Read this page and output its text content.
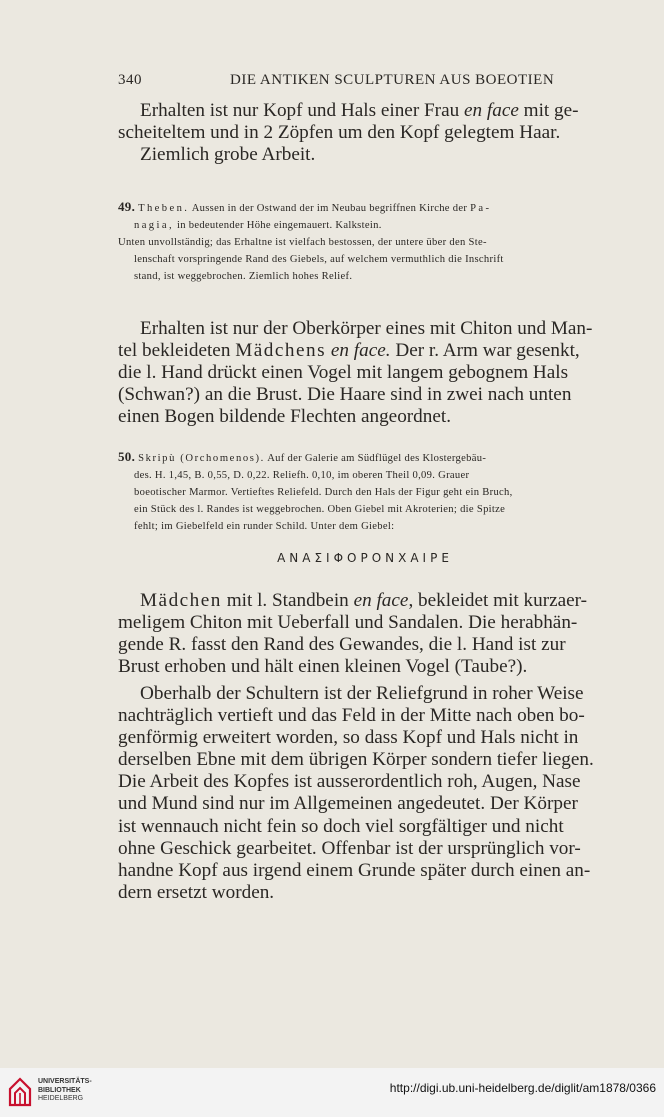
340	DIE ANTIKEN SCULPTUREN AUS BOEOTIEN
Erhalten ist nur Kopf und Hals einer Frau en face mit ge-
scheiteltem und in 2 Zöpfen um den Kopf gelegtem Haar.
Ziemlich grobe Arbeit.
49. Theben. Aussen in der Ostwand der im Neubau begriffnen Kirche der Pa-
nagia, in bedeutender Höhe eingemauert. Kalkstein.
Unten unvollständig; das Erhaltne ist vielfach bestossen, der untere über den Ste-
lenschaft vorspringende Rand des Giebels, auf welchem vermuthlich die Inschrift
stand, ist weggebrochen. Ziemlich hohes Relief.
Erhalten ist nur der Oberkörper eines mit Chiton und Man-
tel bekleideten Mädchens en face. Der r. Arm war gesenkt,
die l. Hand drückt einen Vogel mit langem gebognem Hals
(Schwan?) an die Brust. Die Haare sind in zwei nach unten
einen Bogen bildende Flechten angeordnet.
50. Skripù (Orchomenos). Auf der Galerie am Südflügel des Klostergebäu-
des. H. 1,45, B. 0,55, D. 0,22. Reliefh. 0,10, im oberen Theil 0,09. Grauer
boeotischer Marmor. Vertieftes Reliefeld. Durch den Hals der Figur geht ein Bruch,
ein Stück des l. Randes ist weggebrochen. Oben Giebel mit Akroterien; die Spitze
fehlt; im Giebelfeld ein runder Schild. Unter dem Giebel:
ΑΝΑΣΙΦΟΡΟΝΧΑΙΡΕ
Mädchen mit l. Standbein en face, bekleidet mit kurzaer-
meligem Chiton mit Ueberfall und Sandalen. Die herabhän-
gende R. fasst den Rand des Gewandes, die l. Hand ist zur
Brust erhoben und hält einen kleinen Vogel (Taube?).
Oberhalb der Schultern ist der Reliefgrund in roher Weise
nachträglich vertieft und das Feld in der Mitte nach oben bo-
genförmig erweitert worden, so dass Kopf und Hals nicht in
derselben Ebne mit dem übrigen Körper sondern tiefer liegen.
Die Arbeit des Kopfes ist ausserordentlich roh, Augen, Nase
und Mund sind nur im Allgemeinen angedeutet. Der Körper
ist wennauch nicht fein so doch viel sorgfältiger und nicht
ohne Geschick gearbeitet. Offenbar ist der ursprünglich vor-
handne Kopf aus irgend einem Grunde später durch einen an-
dern ersetzt worden.
UNIVERSITÄTS-
BIBLIOTHEK
HEIDELBERG
http://digi.ub.uni-heidelberg.de/diglit/am1878/0366
